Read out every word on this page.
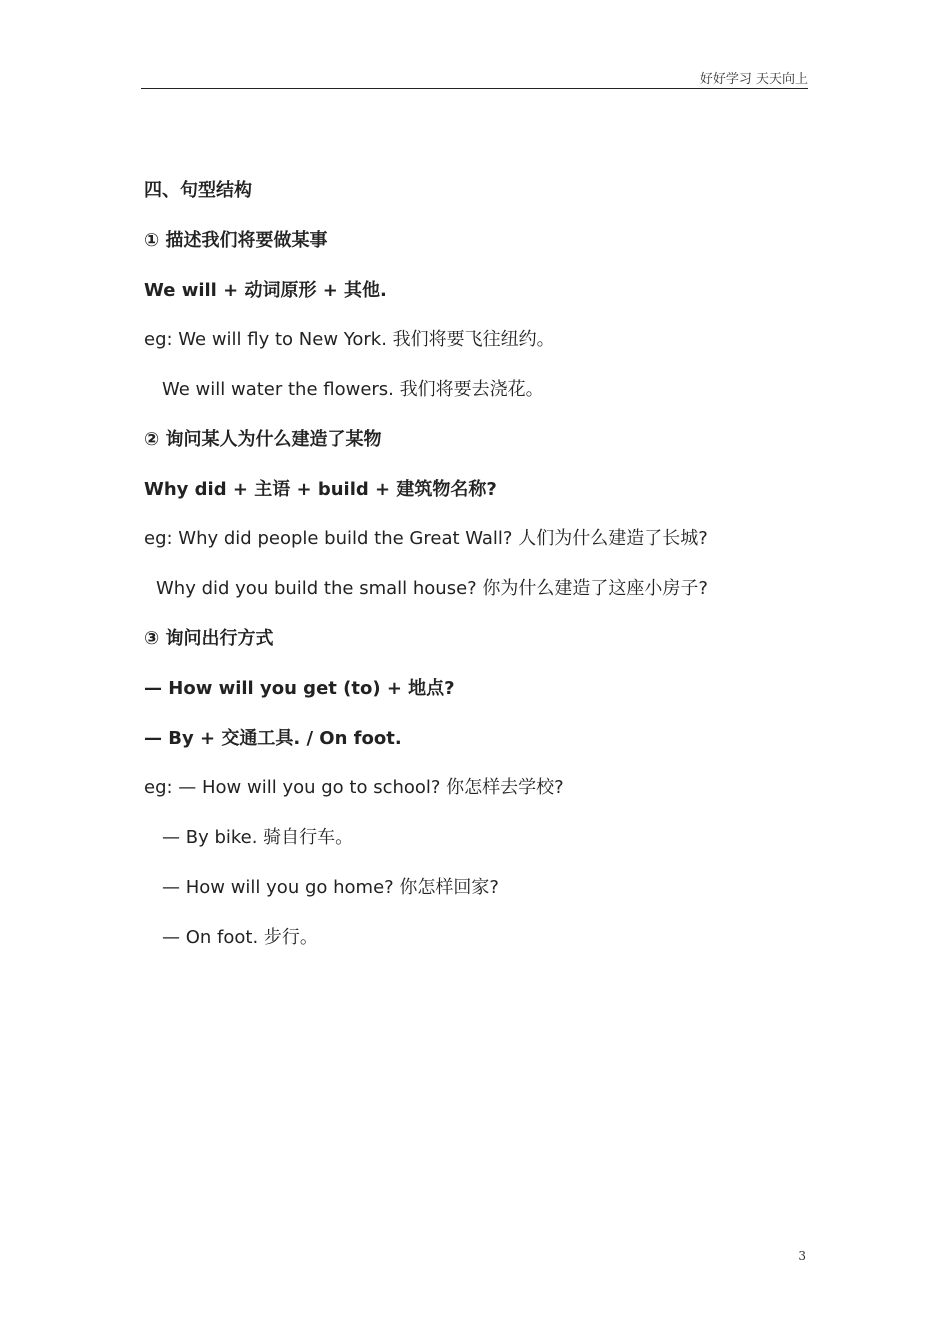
好好学习 天天向上
四、句型结构
① 描述我们将要做某事
We will + 动词原形 + 其他.
eg: We will fly to New York. 我们将要飞往纽约。
We will water the flowers. 我们将要去浇花。
② 询问某人为什么建造了某物
Why did + 主语 + build + 建筑物名称?
eg: Why did people build the Great Wall? 人们为什么建造了长城?
Why did you build the small house? 你为什么建造了这座小房子?
③ 询问出行方式
— How will you get (to) + 地点?
— By + 交通工具. / On foot.
eg: — How will you go to school? 你怎样去学校?
— By bike. 骑自行车。
— How will you go home? 你怎样回家?
— On foot. 步行。
3
